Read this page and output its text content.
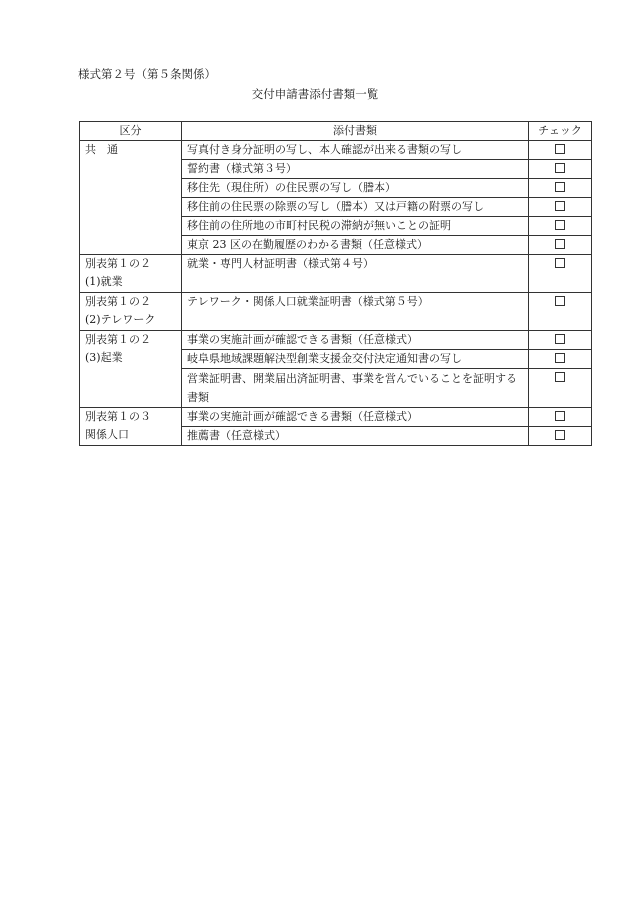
様式第２号（第５条関係）
交付申請書添付書類一覧
区分	添付書類	チェック
共　通	写真付き身分証明の写し、本人確認が出来る書類の写し	
	誓約書（様式第３号）	
	移住先（現住所）の住民票の写し（謄本）	
	移住前の住民票の除票の写し（謄本）又は戸籍の附票の写し	
	移住前の住所地の市町村民税の滞納が無いことの証明	
	東京 23 区の在勤履歴のわかる書類（任意様式）	

別表第１の２
(1)就業	就業・専門人材証明書（様式第４号）	

別表第１の２
(2)テレワーク	テレワーク・関係人口就業証明書（様式第５号）	

別表第１の２
(3)起業	事業の実施計画が確認できる書類（任意様式）	
	岐阜県地域課題解決型創業支援金交付決定通知書の写し	
	営業証明書、開業届出済証明書、事業を営んでいることを証明する書類	

別表第１の３
関係人口	事業の実施計画が確認できる書類（任意様式）	
	推薦書（任意様式）	
